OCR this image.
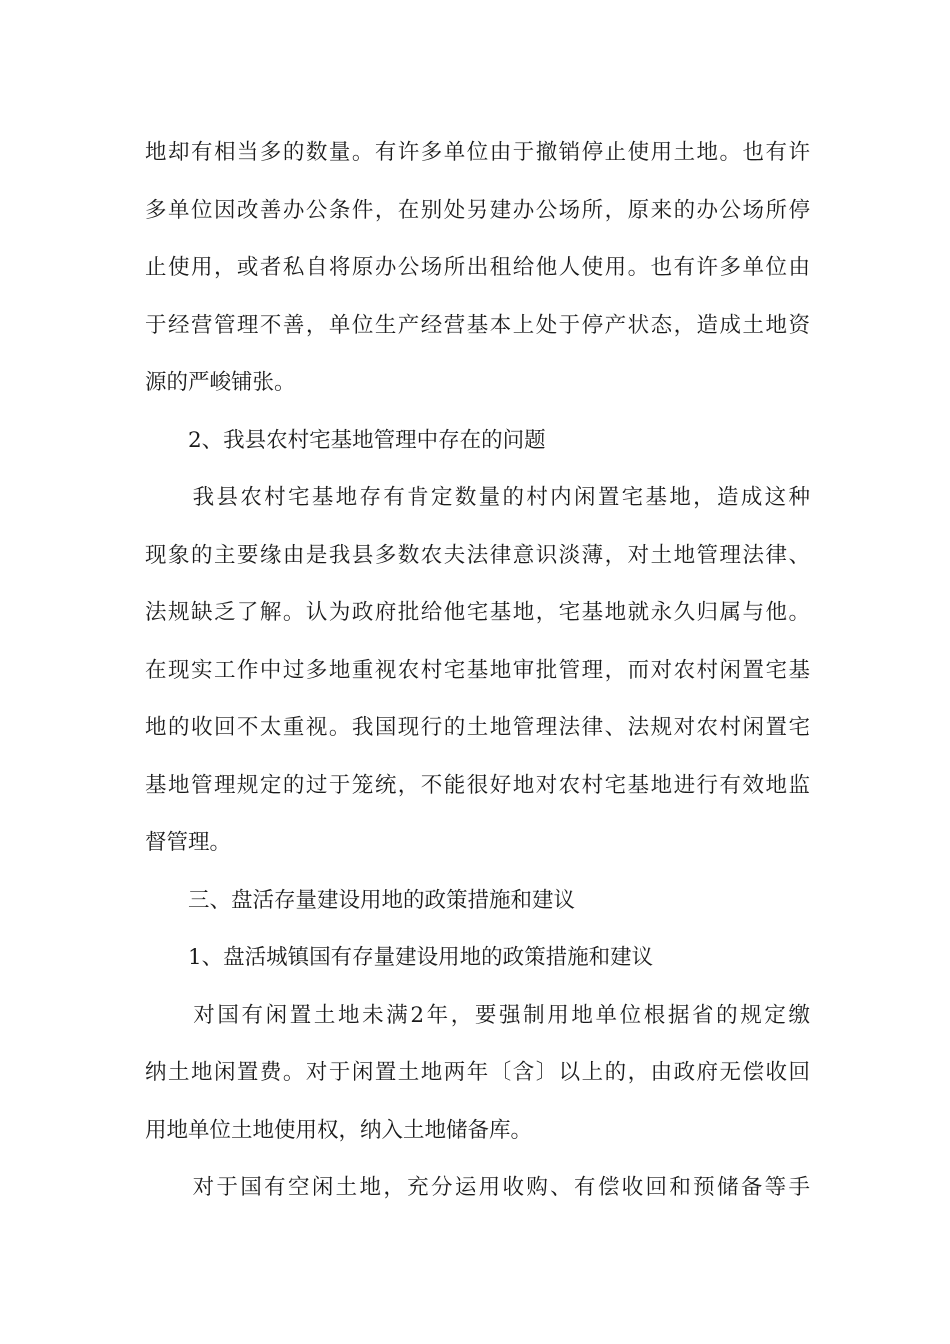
地却有相当多的数量。有许多单位由于撤销停止使用土地。也有许
多单位因改善办公条件，在别处另建办公场所，原来的办公场所停
止使用，或者私自将原办公场所出租给他人使用。也有许多单位由
于经营管理不善，单位生产经营基本上处于停产状态，造成土地资
源的严峻铺张。
　　2、我县农村宅基地管理中存在的问题
　　我县农村宅基地存有肯定数量的村内闲置宅基地，造成这种
现象的主要缘由是我县多数农夫法律意识淡薄，对土地管理法律、
法规缺乏了解。认为政府批给他宅基地，宅基地就永久归属与他。
在现实工作中过多地重视农村宅基地审批管理，而对农村闲置宅基
地的收回不太重视。我国现行的土地管理法律、法规对农村闲置宅
基地管理规定的过于笼统，不能很好地对农村宅基地进行有效地监
督管理。
　　三、盘活存量建设用地的政策措施和建议
　　1、盘活城镇国有存量建设用地的政策措施和建议
　　对国有闲置土地未满2年，要强制用地单位根据省的规定缴
纳土地闲置费。对于闲置土地两年〔含〕以上的，由政府无偿收回
用地单位土地使用权，纳入土地储备库。
　　对于国有空闲土地，充分运用收购、有偿收回和预储备等手
